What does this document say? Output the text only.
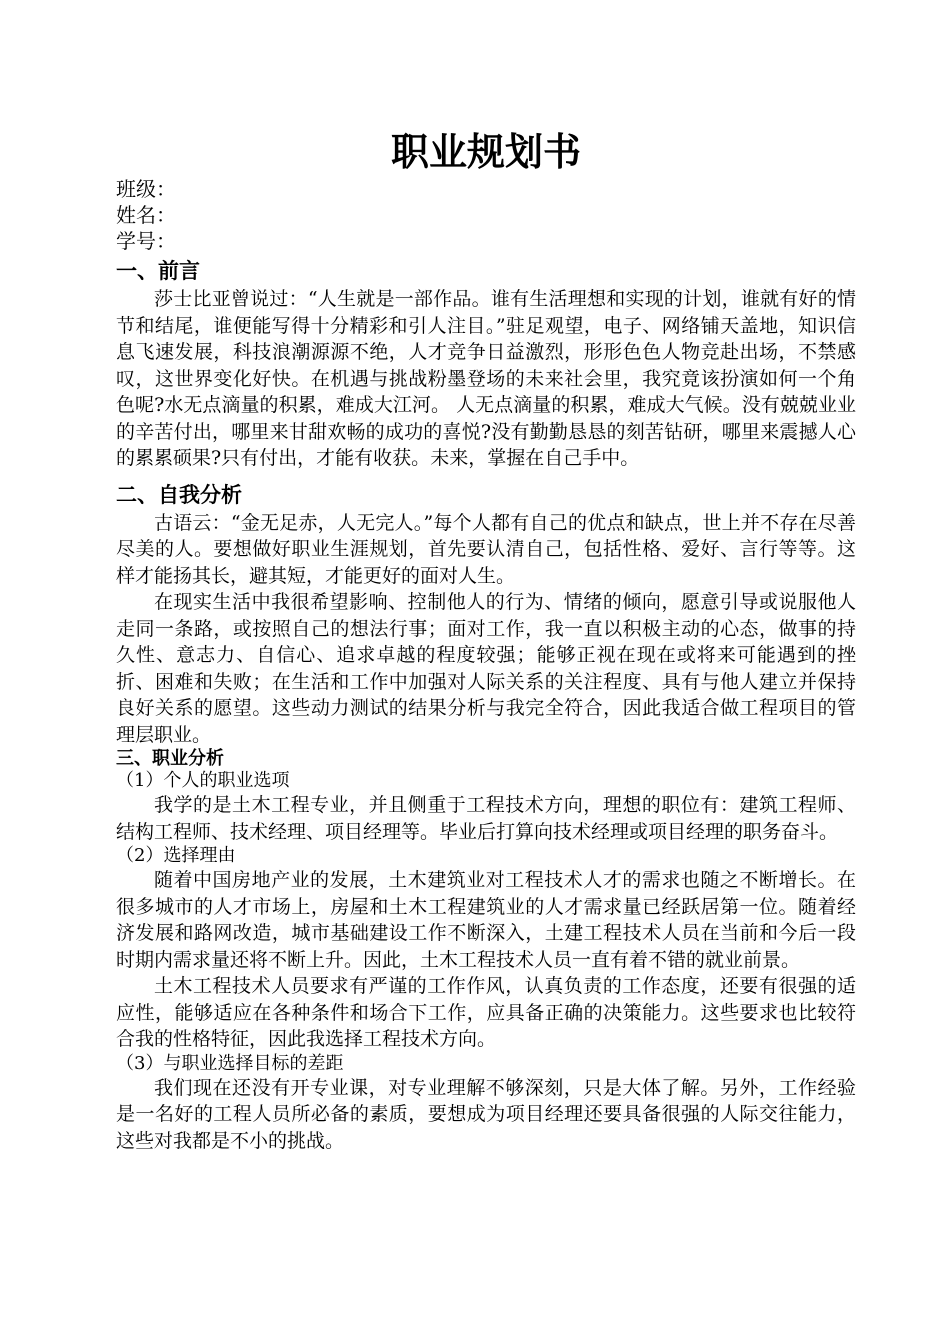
职业规划书
班级：
姓名：
学号：
一、前言

莎士比亚曾说过：“人生就是一部作品。谁有生活理想和实现的计划，谁就有好的情节和结尾，谁便能写得十分精彩和引人注目。”驻足观望，电子、网络铺天盖地，知识信息飞速发展，科技浪潮源源不绝，人才竞争日益激烈，形形色色人物竞赴出场，不禁感叹，这世界变化好快。在机遇与挑战粉墨登场的未来社会里，我究竟该扮演如何一个角色呢?水无点滴量的积累，难成大江河。 人无点滴量的积累，难成大气候。没有兢兢业业的辛苦付出，哪里来甘甜欢畅的成功的喜悦?没有勤勤恳恳的刻苦钻研，哪里来震撼人心的累累硕果?只有付出，才能有收获。未来，掌握在自己手中。

二、自我分析

古语云：“金无足赤，人无完人。”每个人都有自己的优点和缺点，世上并不存在尽善尽美的人。要想做好职业生涯规划，首先要认清自己，包括性格、爱好、言行等等。这样才能扬其长，避其短，才能更好的面对人生。

在现实生活中我很希望影响、控制他人的行为、情绪的倾向，愿意引导或说服他人走同一条路，或按照自己的想法行事；面对工作，我一直以积极主动的心态，做事的持久性、意志力、自信心、追求卓越的程度较强；能够正视在现在或将来可能遇到的挫折、困难和失败；在生活和工作中加强对人际关系的关注程度、具有与他人建立并保持良好关系的愿望。这些动力测试的结果分析与我完全符合，因此我适合做工程项目的管理层职业。

三、职业分析
（1）个人的职业选项

我学的是土木工程专业，并且侧重于工程技术方向，理想的职位有：建筑工程师、结构工程师、技术经理、项目经理等。毕业后打算向技术经理或项目经理的职务奋斗。

（2）选择理由

随着中国房地产业的发展，土木建筑业对工程技术人才的需求也随之不断增长。在很多城市的人才市场上，房屋和土木工程建筑业的人才需求量已经跃居第一位。随着经济发展和路网改造，城市基础建设工作不断深入，土建工程技术人员在当前和今后一段时期内需求量还将不断上升。因此，土木工程技术人员一直有着不错的就业前景。

土木工程技术人员要求有严谨的工作作风，认真负责的工作态度，还要有很强的适应性，能够适应在各种条件和场合下工作，应具备正确的决策能力。这些要求也比较符合我的性格特征，因此我选择工程技术方向。

（3）与职业选择目标的差距

我们现在还没有开专业课，对专业理解不够深刻，只是大体了解。另外，工作经验是一名好的工程人员所必备的素质，要想成为项目经理还要具备很强的人际交往能力，这些对我都是不小的挑战。
